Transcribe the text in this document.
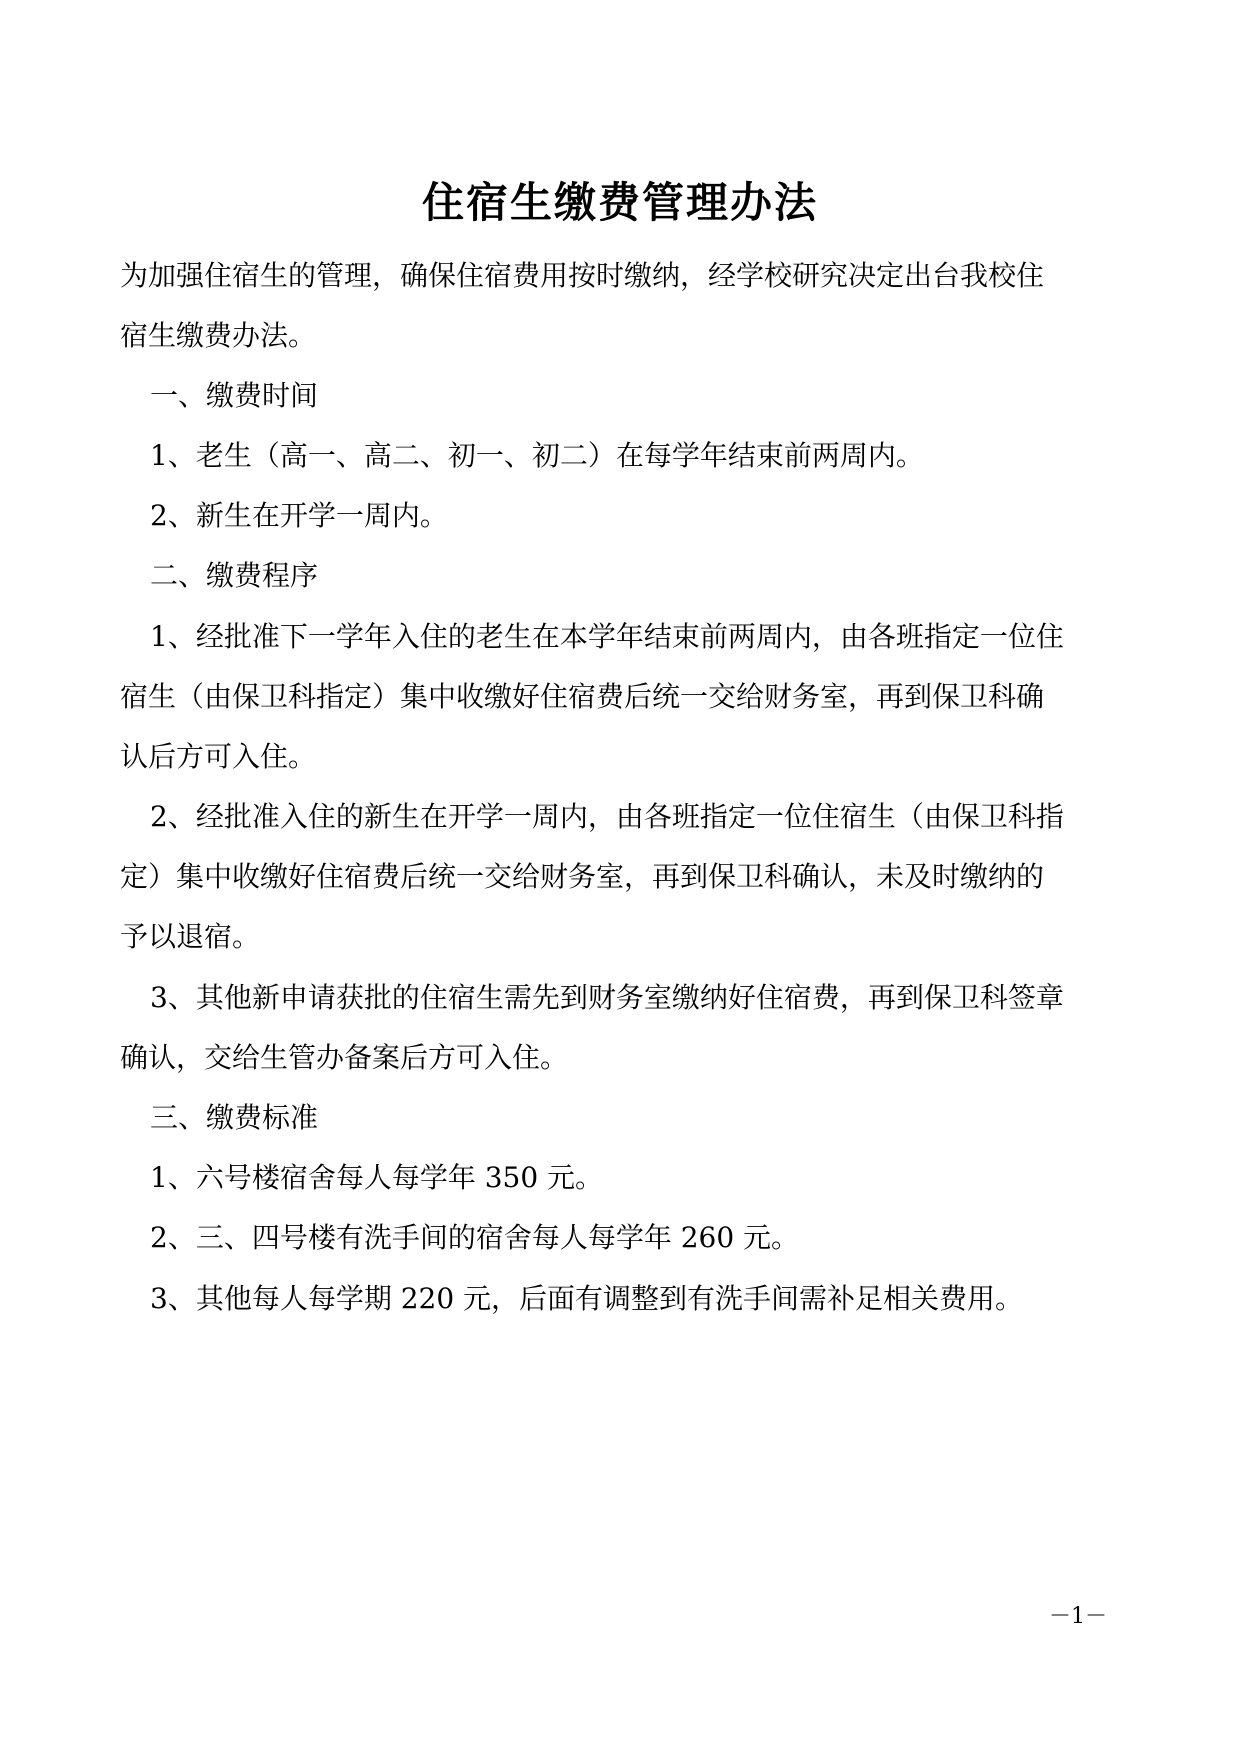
住宿生缴费管理办法
为加强住宿生的管理，确保住宿费用按时缴纳，经学校研究决定出台我校住
宿生缴费办法。
一、缴费时间
1、老生（高一、高二、初一、初二）在每学年结束前两周内。
2、新生在开学一周内。
二、缴费程序
1、经批准下一学年入住的老生在本学年结束前两周内，由各班指定一位住
宿生（由保卫科指定）集中收缴好住宿费后统一交给财务室，再到保卫科确
认后方可入住。
2、经批准入住的新生在开学一周内，由各班指定一位住宿生（由保卫科指
定）集中收缴好住宿费后统一交给财务室，再到保卫科确认，未及时缴纳的
予以退宿。
3、其他新申请获批的住宿生需先到财务室缴纳好住宿费，再到保卫科签章
确认，交给生管办备案后方可入住。
三、缴费标准
1、六号楼宿舍每人每学年 350 元。
2、三、四号楼有洗手间的宿舍每人每学年 260 元。
3、其他每人每学期 220 元，后面有调整到有洗手间需补足相关费用。
－1－
